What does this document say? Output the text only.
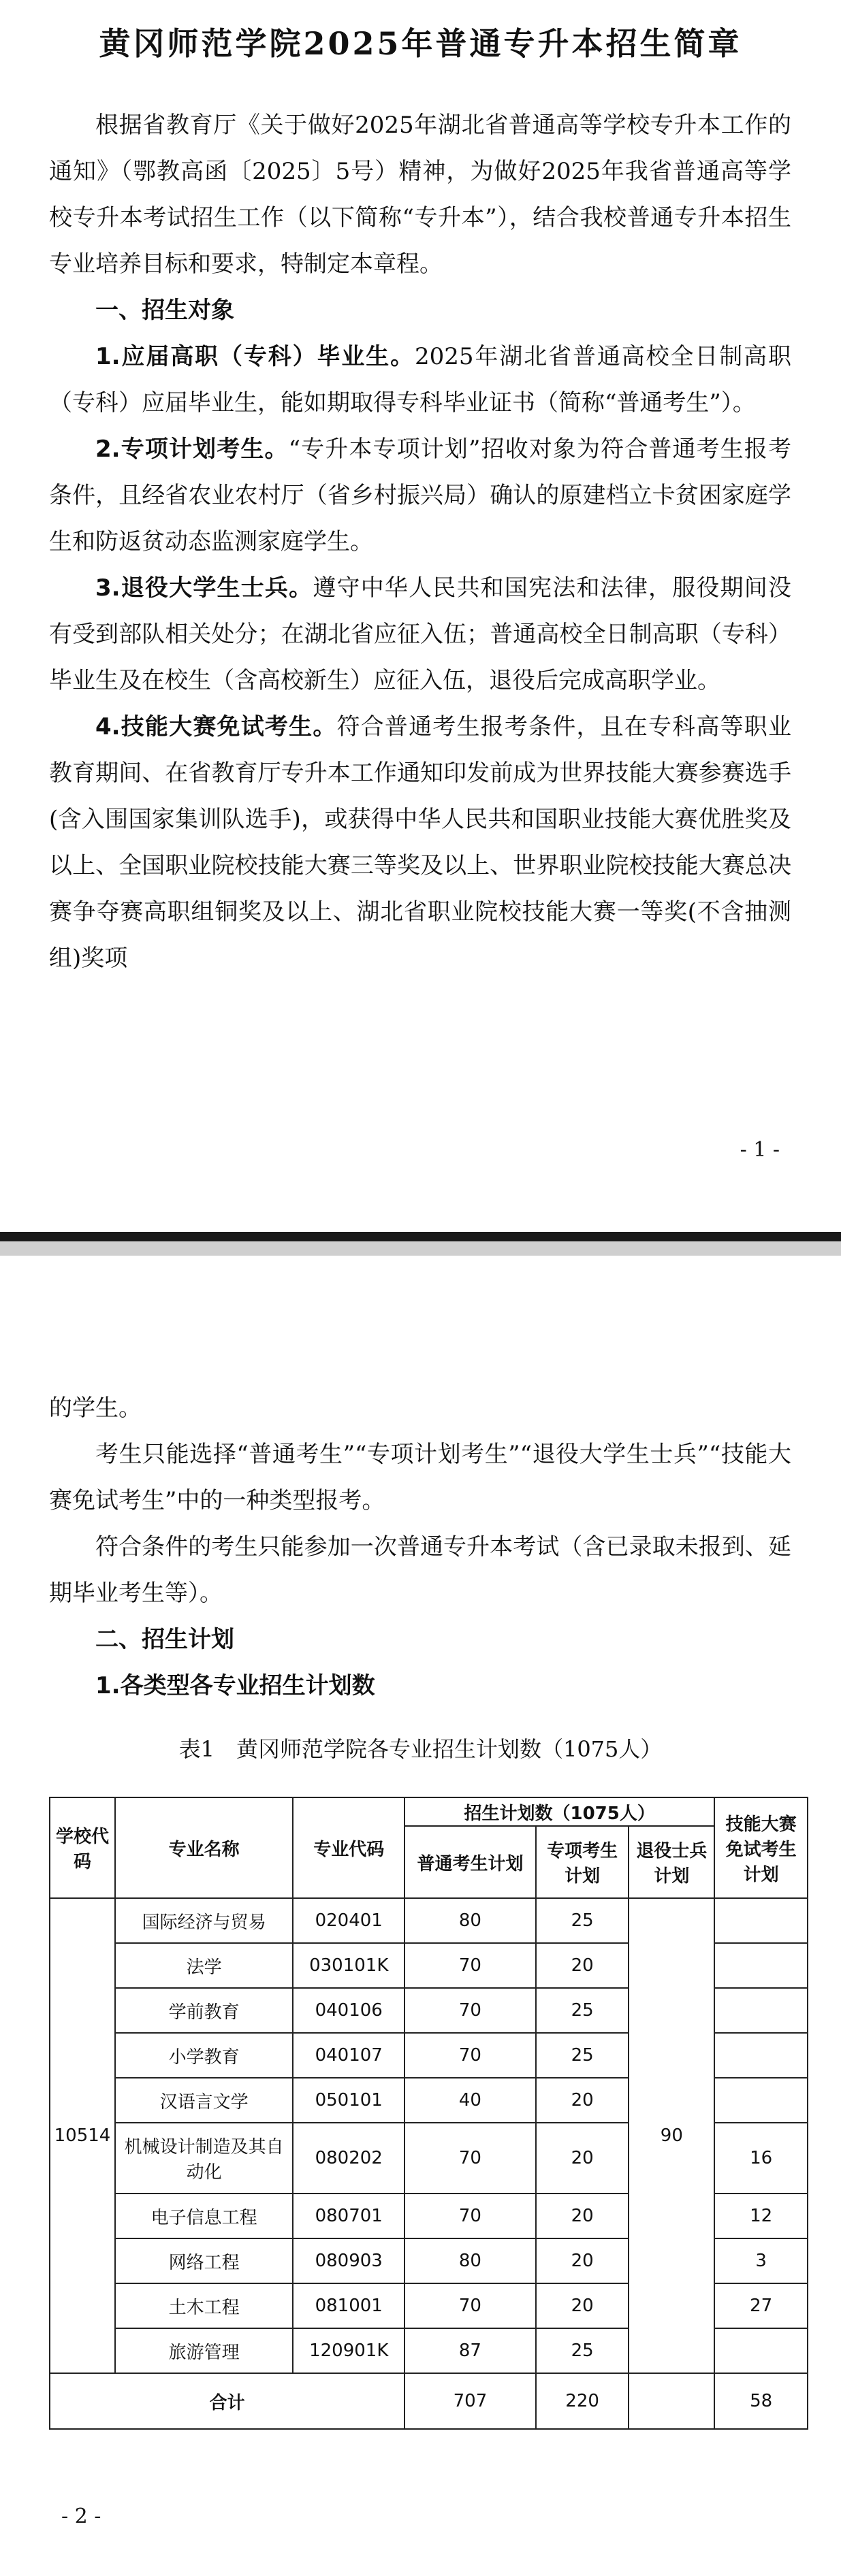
黄冈师范学院2025年普通专升本招生简章

根据省教育厅《关于做好2025年湖北省普通高等学校专升本工作的通知》（鄂教高函〔2025〕5号）精神，为做好2025年我省普通高等学校专升本考试招生工作（以下简称“专升本”），结合我校普通专升本招生专业培养目标和要求，特制定本章程。

一、招生对象

1.应届高职（专科）毕业生。2025年湖北省普通高校全日制高职（专科）应届毕业生，能如期取得专科毕业证书（简称“普通考生”）。

2.专项计划考生。“专升本专项计划”招收对象为符合普通考生报考条件，且经省农业农村厅（省乡村振兴局）确认的原建档立卡贫困家庭学生和防返贫动态监测家庭学生。

3.退役大学生士兵。遵守中华人民共和国宪法和法律，服役期间没有受到部队相关处分；在湖北省应征入伍；普通高校全日制高职（专科）毕业生及在校生（含高校新生）应征入伍，退役后完成高职学业。

4.技能大赛免试考生。符合普通考生报考条件，且在专科高等职业教育期间、在省教育厅专升本工作通知印发前成为世界技能大赛参赛选手(含入围国家集训队选手)，或获得中华人民共和国职业技能大赛优胜奖及以上、全国职业院校技能大赛三等奖及以上、世界职业院校技能大赛总决赛争夺赛高职组铜奖及以上、湖北省职业院校技能大赛一等奖(不含抽测组)奖项

- 1 -

的学生。

考生只能选择“普通考生”“专项计划考生”“退役大学生士兵”“技能大赛免试考生”中的一种类型报考。

符合条件的考生只能参加一次普通专升本考试（含已录取未报到、延期毕业考生等）。

二、招生计划

1.各类型各专业招生计划数

表1　黄冈师范学院各专业招生计划数（1075人）
学校代码	专业名称	专业代码	招生计划数（1075人）			技能大赛免试考生计划
			普通考生计划	专项考生计划	退役士兵计划	
10514	国际经济与贸易	020401	80	25	90	
	法学	030101K	70	20		
	学前教育	040106	70	25		
	小学教育	040107	70	25		
	汉语言文学	050101	40	20		
	机械设计制造及其自动化	080202	70	20		16
	电子信息工程	080701	70	20		12
	网络工程	080903	80	20		3
	土木工程	081001	70	20		27
	旅游管理	120901K	87	25		
合计			707	220		58
- 2 -
